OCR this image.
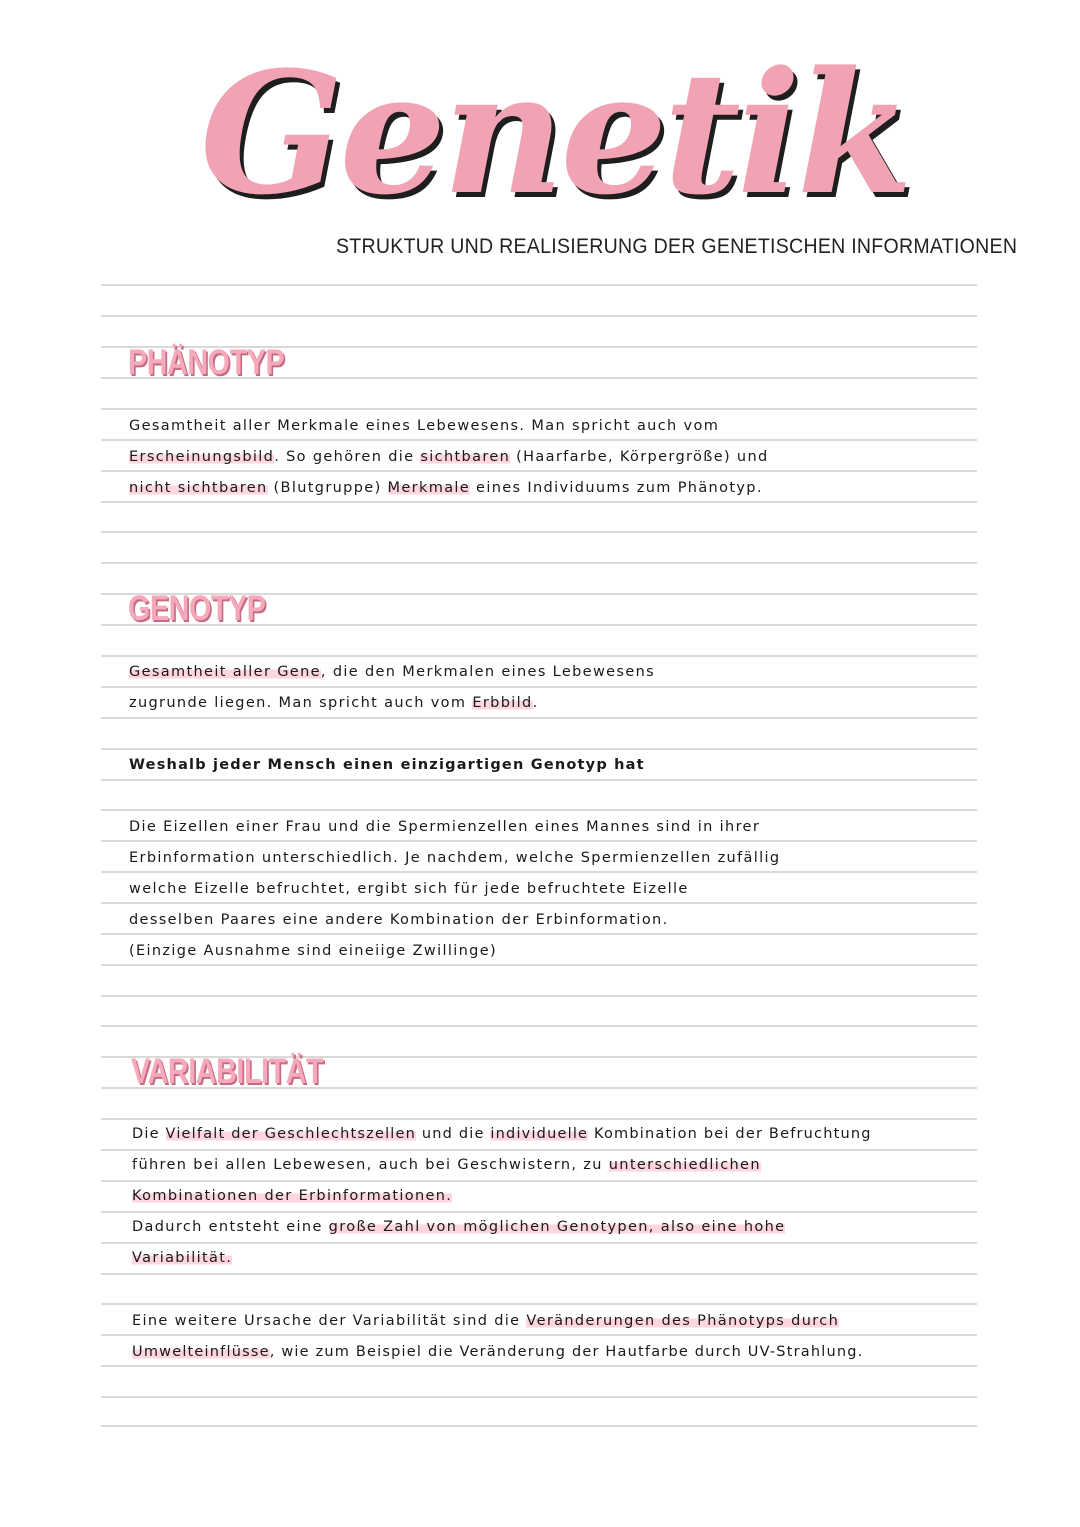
Genetik
STRUKTUR UND REALISIERUNG DER GENETISCHEN INFORMATIONEN
PHÄNOTYP
Gesamtheit aller Merkmale eines Lebewesens. Man spricht auch vom
Erscheinungsbild. So gehören die sichtbaren (Haarfarbe, Körpergröße) und
nicht sichtbaren (Blutgruppe) Merkmale eines Individuums zum Phänotyp.
GENOTYP
Gesamtheit aller Gene, die den Merkmalen eines Lebewesens
zugrunde liegen. Man spricht auch vom Erbbild.
Weshalb jeder Mensch einen einzigartigen Genotyp hat
Die Eizellen einer Frau und die Spermienzellen eines Mannes sind in ihrer
Erbinformation unterschiedlich. Je nachdem, welche Spermienzellen zufällig
welche Eizelle befruchtet, ergibt sich für jede befruchtete Eizelle
desselben Paares eine andere Kombination der Erbinformation.
(Einzige Ausnahme sind eineiige Zwillinge)
VARIABILITÄT
Die Vielfalt der Geschlechtszellen und die individuelle Kombination bei der Befruchtung
führen bei allen Lebewesen, auch bei Geschwistern, zu unterschiedlichen
Kombinationen der Erbinformationen.
Dadurch entsteht eine große Zahl von möglichen Genotypen, also eine hohe
Variabilität.
Eine weitere Ursache der Variabilität sind die Veränderungen des Phänotyps durch
Umwelteinflüsse, wie zum Beispiel die Veränderung der Hautfarbe durch UV-Strahlung.
